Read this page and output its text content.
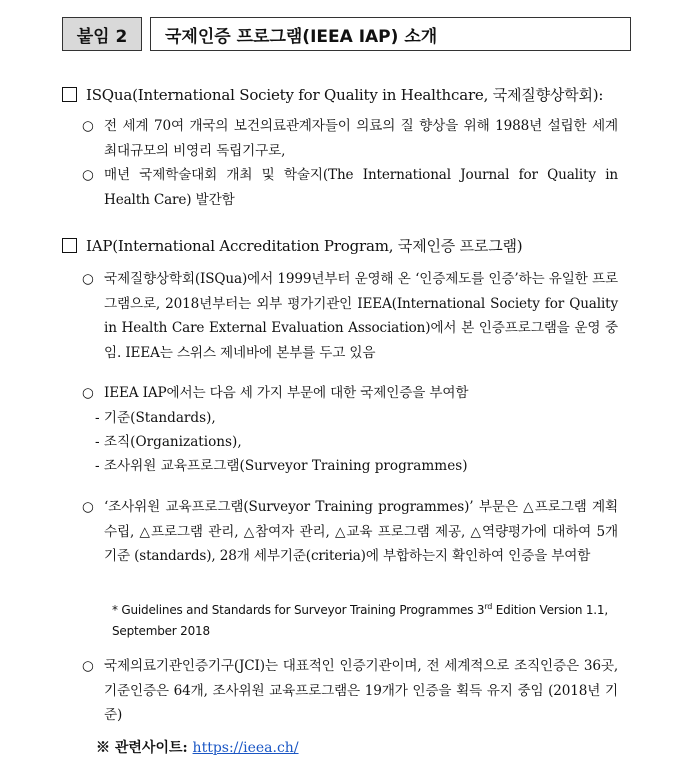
붙임 2	국제인증 프로그램(IEEA IAP) 소개
ISQua(International Society for Quality in Healthcare, 국제질향상학회):
○ 전 세계 70여 개국의 보건의료관계자들이 의료의 질 향상을 위해 1988년 설립한 세계 최대규모의 비영리 독립기구로,
○ 매년 국제학술대회 개최 및 학술지(The International Journal for Quality in Health Care) 발간함
IAP(International Accreditation Program, 국제인증 프로그램)
○ 국제질향상학회(ISQua)에서 1999년부터 운영해 온 ‘인증제도를 인증’하는 유일한 프로그램으로, 2018년부터는 외부 평가기관인 IEEA(International Society for Quality in Health Care External Evaluation Association)에서 본 인증프로그램을 운영 중임. IEEA는 스위스 제네바에 본부를 두고 있음
○ IEEA IAP에서는 다음 세 가지 부문에 대한 국제인증을 부여함
- 기준(Standards),
- 조직(Organizations),
- 조사위원 교육프로그램(Surveyor Training programmes)
○ ‘조사위원 교육프로그램(Surveyor Training programmes)’ 부문은 △프로그램 계획 수립, △프로그램 관리, △참여자 관리, △교육 프로그램 제공, △역량평가에 대하여 5개 기준 (standards), 28개 세부기준(criteria)에 부합하는지 확인하여 인증을 부여함
* Guidelines and Standards for Surveyor Training Programmes 3rd Edition Version 1.1, September 2018
○ 국제의료기관인증기구(JCI)는 대표적인 인증기관이며, 전 세계적으로 조직인증은 36곳, 기준인증은 64개, 조사위원 교육프로그램은 19개가 인증을 획득 유지 중임 (2018년 기준)
※ 관련사이트: https://ieea.ch/
